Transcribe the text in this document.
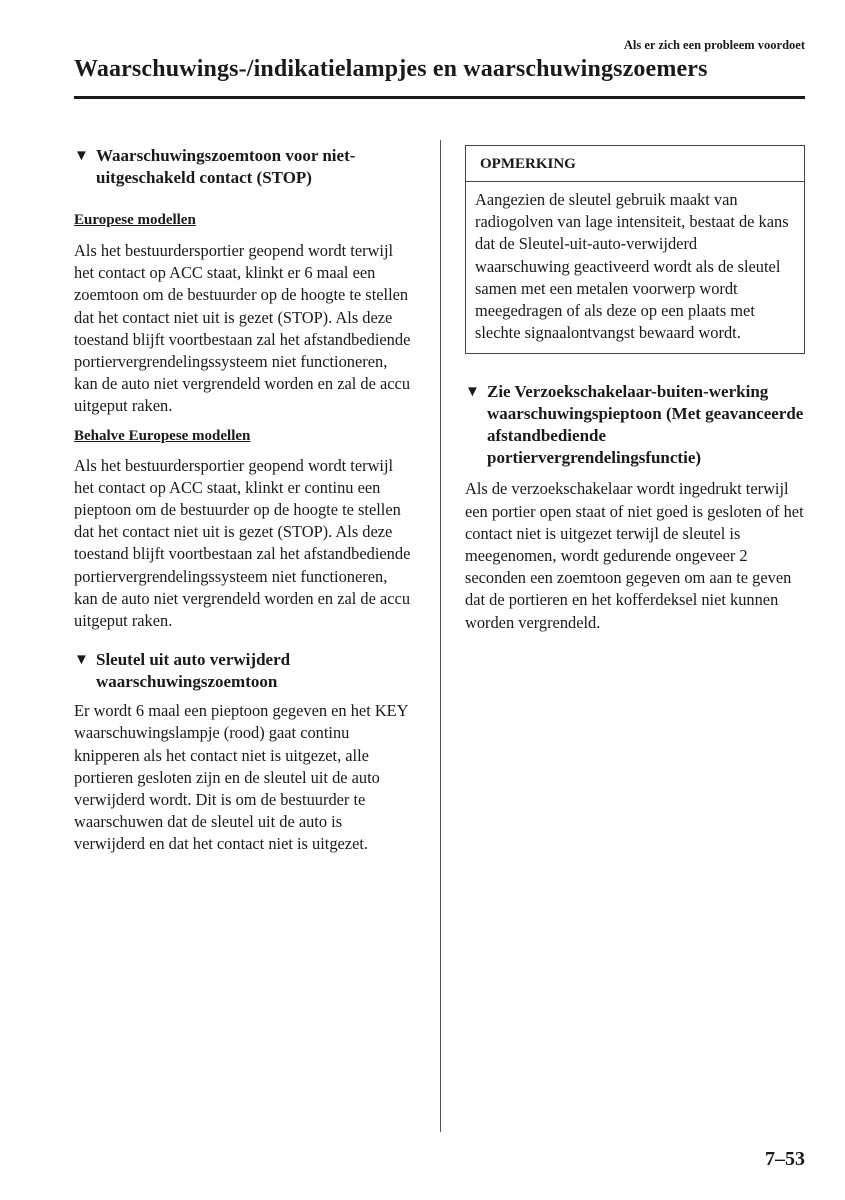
Als er zich een probleem voordoet
Waarschuwings-/indikatielampjes en waarschuwingszoemers
▼ Waarschuwingszoemtoon voor niet-uitgeschakeld contact (STOP)
Europese modellen

Als het bestuurdersportier geopend wordt terwijl het contact op ACC staat, klinkt er 6 maal een zoemtoon om de bestuurder op de hoogte te stellen dat het contact niet uit is gezet (STOP). Als deze toestand blijft voortbestaan zal het afstandbediende portiervergrendelingssysteem niet functioneren, kan de auto niet vergrendeld worden en zal de accu uitgeput raken.

Behalve Europese modellen

Als het bestuurdersportier geopend wordt terwijl het contact op ACC staat, klinkt er continu een pieptoon om de bestuurder op de hoogte te stellen dat het contact niet uit is gezet (STOP). Als deze toestand blijft voortbestaan zal het afstandbediende portiervergrendelingssysteem niet functioneren, kan de auto niet vergrendeld worden en zal de accu uitgeput raken.

▼ Sleutel uit auto verwijderd waarschuwingszoemtoon

Er wordt 6 maal een pieptoon gegeven en het KEY waarschuwingslampje (rood) gaat continu knipperen als het contact niet is uitgezet, alle portieren gesloten zijn en de sleutel uit de auto verwijderd wordt. Dit is om de bestuurder te waarschuwen dat de sleutel uit de auto is verwijderd en dat het contact niet is uitgezet.

OPMERKING
Aangezien de sleutel gebruik maakt van radiogolven van lage intensiteit, bestaat de kans dat de Sleutel-uit-auto-verwijderd waarschuwing geactiveerd wordt als de sleutel samen met een metalen voorwerp wordt meegedragen of als deze op een plaats met slechte signaalontvangst bewaard wordt.
▼ Zie Verzoekschakelaar-buiten-werking waarschuwingspieptoon (Met geavanceerde afstandbediende portiervergrendelingsfunctie)

Als de verzoekschakelaar wordt ingedrukt terwijl een portier open staat of niet goed is gesloten of het contact niet is uitgezet terwijl de sleutel is meegenomen, wordt gedurende ongeveer 2 seconden een zoemtoon gegeven om aan te geven dat de portieren en het kofferdeksel niet kunnen worden vergrendeld.

7–53
